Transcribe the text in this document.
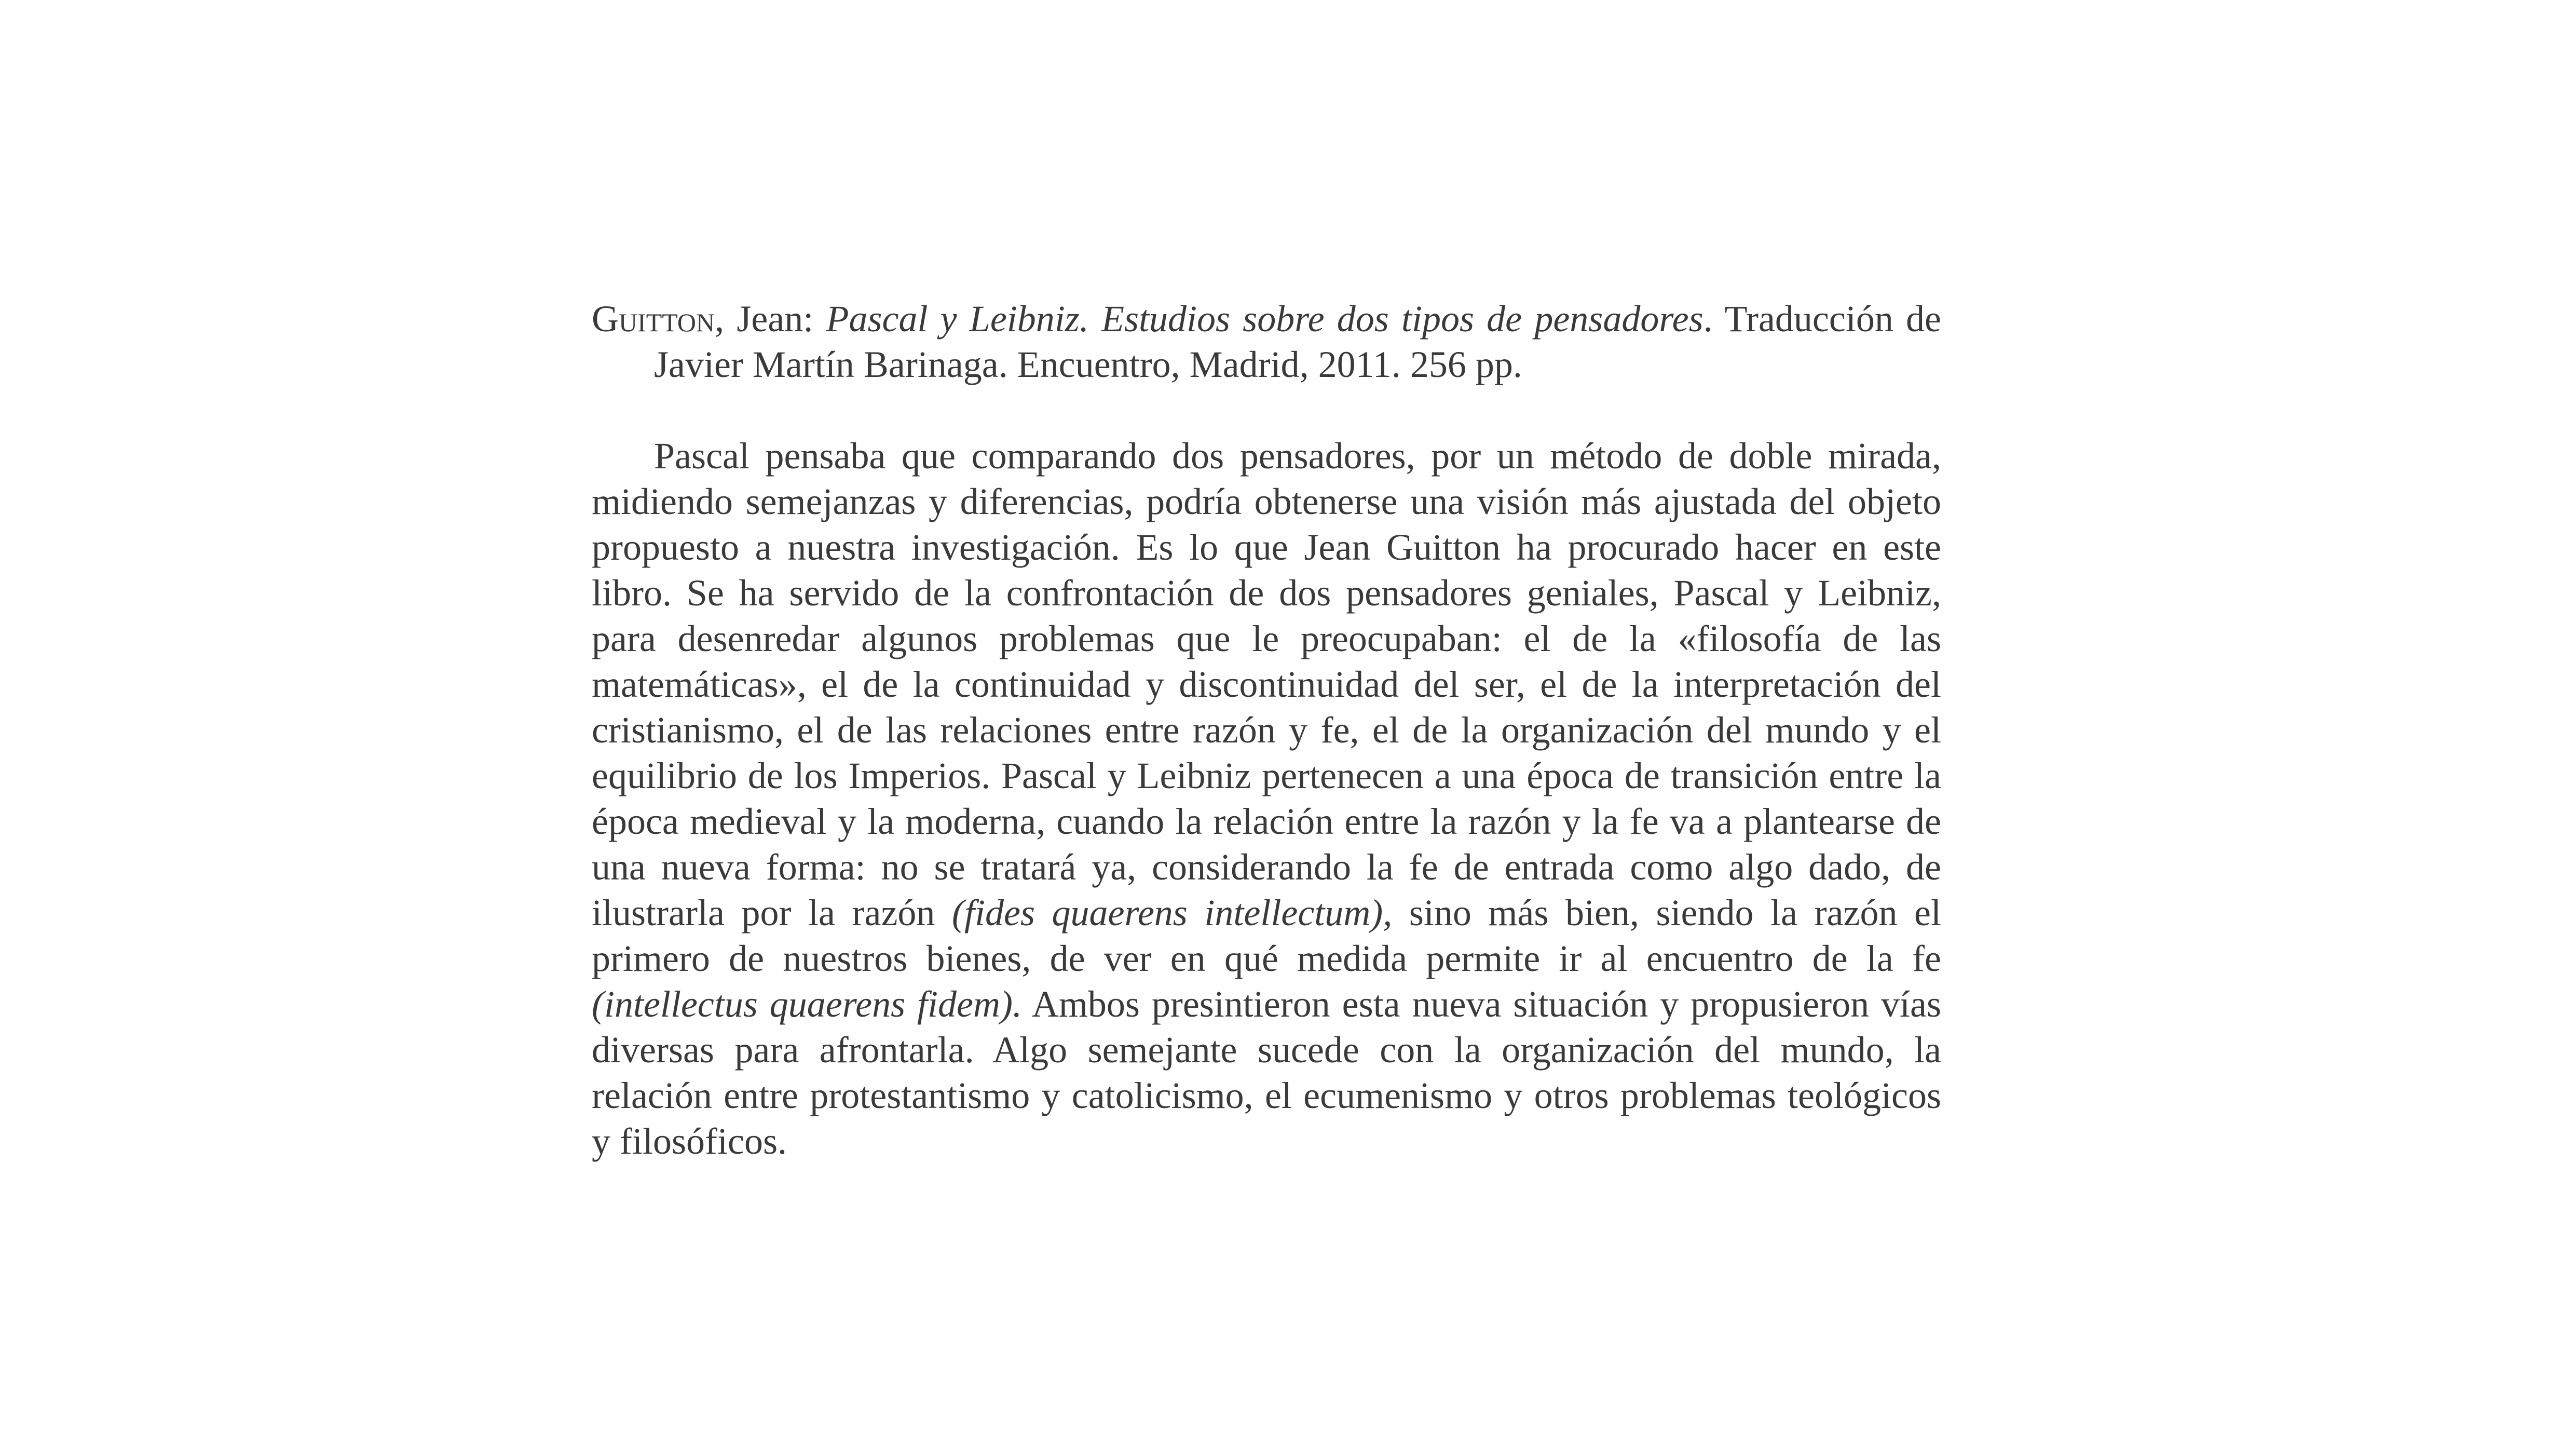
Guitton, Jean: Pascal y Leibniz. Estudios sobre dos tipos de pensadores. Traducción de Javier Martín Barinaga. Encuentro, Madrid, 2011. 256 pp.

Pascal pensaba que comparando dos pensadores, por un método de doble mirada, midiendo semejanzas y diferencias, podría obtenerse una visión más ajustada del objeto propuesto a nuestra investigación. Es lo que Jean Guitton ha procurado hacer en este libro. Se ha servido de la confrontación de dos pensadores geniales, Pascal y Leibniz, para desenredar algunos problemas que le preocupaban: el de la «filosofía de las matemáticas», el de la continuidad y discontinuidad del ser, el de la interpretación del cristianismo, el de las relaciones entre razón y fe, el de la organización del mundo y el equilibrio de los Imperios. Pascal y Leibniz pertenecen a una época de transición entre la época medieval y la moderna, cuando la relación entre la razón y la fe va a plantearse de una nueva forma: no se tratará ya, considerando la fe de entrada como algo dado, de ilustrarla por la razón (fides quaerens intellectum), sino más bien, siendo la razón el primero de nuestros bienes, de ver en qué medida permite ir al encuentro de la fe (intellectus quaerens fidem). Ambos presintieron esta nueva situación y propusieron vías diversas para afrontarla. Algo semejante sucede con la organización del mundo, la relación entre protestantismo y catolicismo, el ecumenismo y otros problemas teológicos y filosóficos.
